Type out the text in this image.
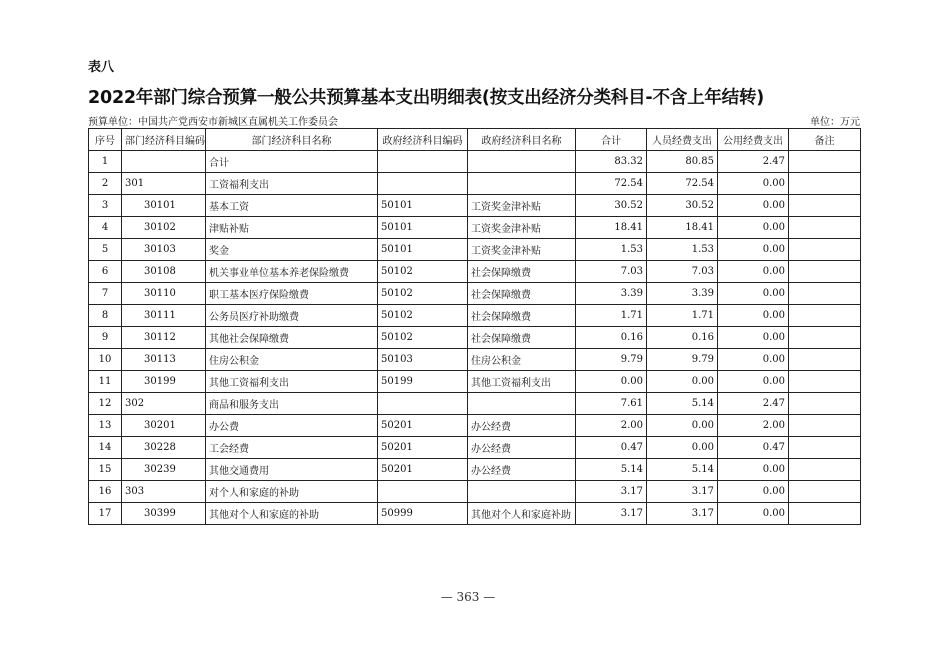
表八
2022年部门综合预算一般公共预算基本支出明细表(按支出经济分类科目-不含上年结转)
预算单位：中国共产党西安市新城区直属机关工作委员会	单位：万元
序号	部门经济科目编码	部门经济科目名称	政府经济科目编码	政府经济科目名称	合计	人员经费支出	公用经费支出	备注
1		合计			83.32	80.85	2.47	
2	301	工资福利支出			72.54	72.54	0.00	
3	30101	基本工资	50101	工资奖金津补贴	30.52	30.52	0.00	
4	30102	津贴补贴	50101	工资奖金津补贴	18.41	18.41	0.00	
5	30103	奖金	50101	工资奖金津补贴	1.53	1.53	0.00	
6	30108	机关事业单位基本养老保险缴费	50102	社会保障缴费	7.03	7.03	0.00	
7	30110	职工基本医疗保险缴费	50102	社会保障缴费	3.39	3.39	0.00	
8	30111	公务员医疗补助缴费	50102	社会保障缴费	1.71	1.71	0.00	
9	30112	其他社会保障缴费	50102	社会保障缴费	0.16	0.16	0.00	
10	30113	住房公积金	50103	住房公积金	9.79	9.79	0.00	
11	30199	其他工资福利支出	50199	其他工资福利支出	0.00	0.00	0.00	
12	302	商品和服务支出			7.61	5.14	2.47	
13	30201	办公费	50201	办公经费	2.00	0.00	2.00	
14	30228	工会经费	50201	办公经费	0.47	0.00	0.47	
15	30239	其他交通费用	50201	办公经费	5.14	5.14	0.00	
16	303	对个人和家庭的补助			3.17	3.17	0.00	
17	30399	其他对个人和家庭的补助	50999	其他对个人和家庭补助	3.17	3.17	0.00	
— 363 —
